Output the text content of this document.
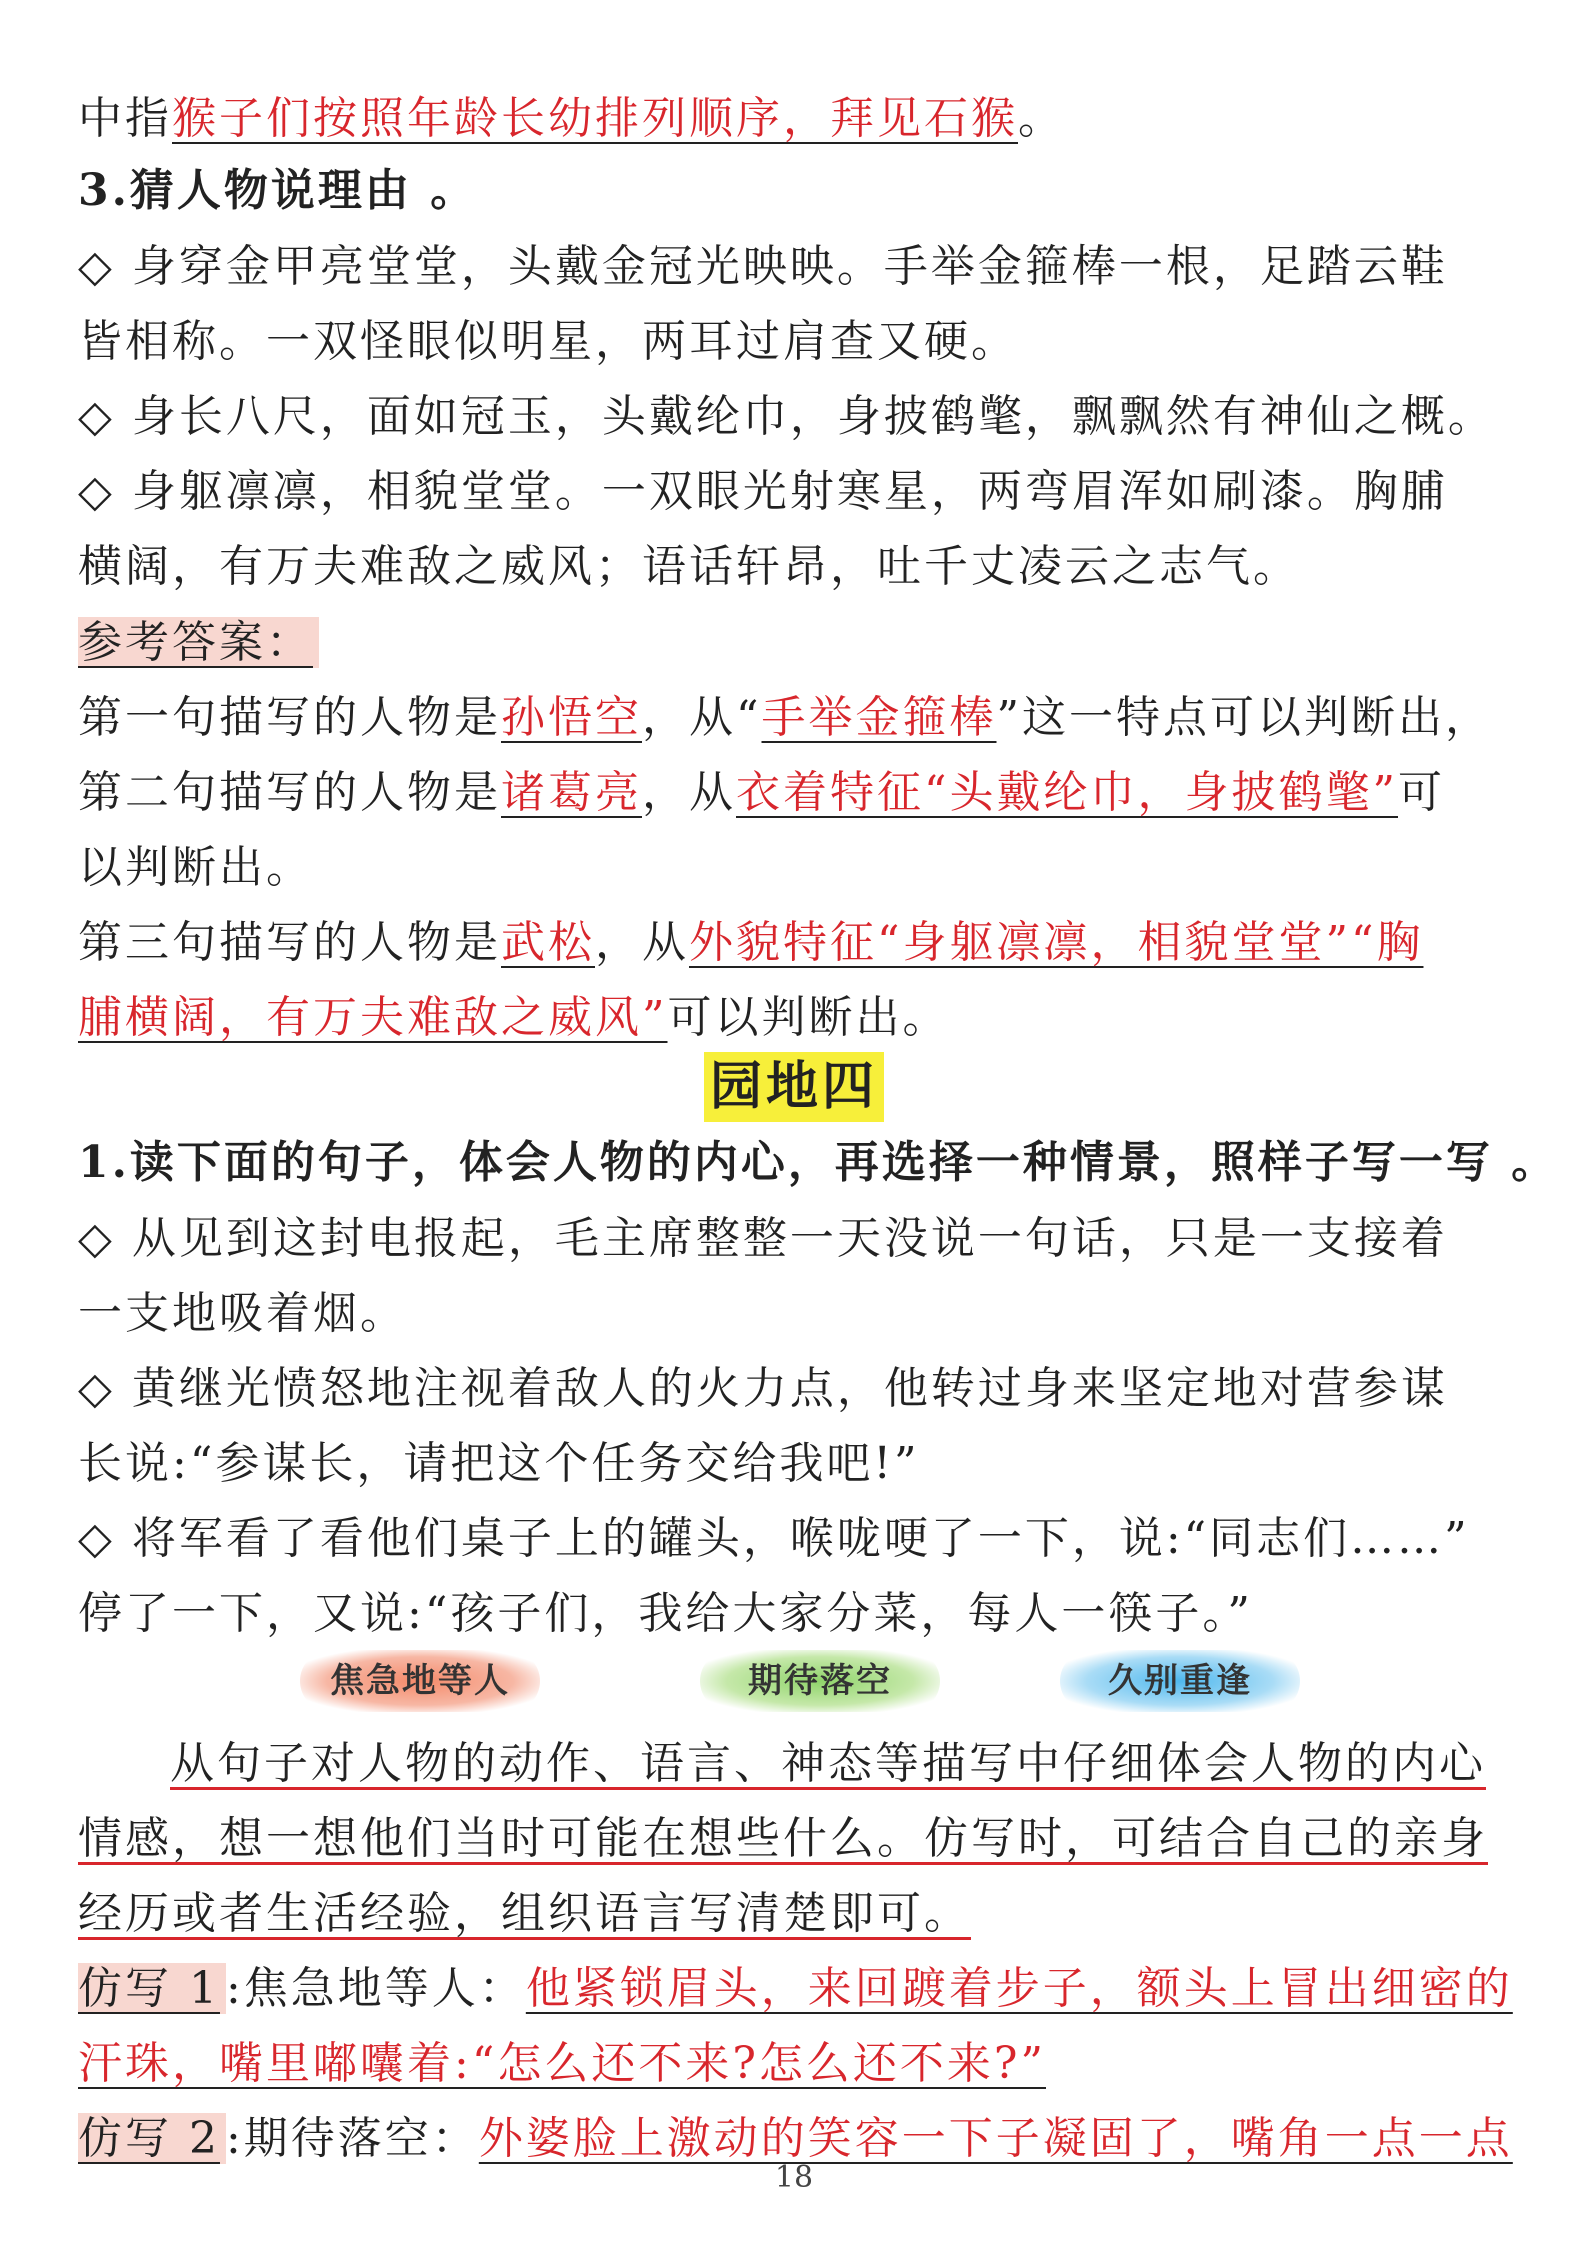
中指猴子们按照年龄长幼排列顺序，拜见石猴。
3.猜人物说理由 。
◇ 身穿金甲亮堂堂，头戴金冠光映映。手举金箍棒一根，足踏云鞋
皆相称。一双怪眼似明星，两耳过肩查又硬。
◇ 身长八尺，面如冠玉，头戴纶巾，身披鹤氅，飘飘然有神仙之概。
◇ 身躯凛凛，相貌堂堂。一双眼光射寒星，两弯眉浑如刷漆。胸脯
横阔，有万夫难敌之威风；语话轩昂，吐千丈凌云之志气。
参考答案：
第一句描写的人物是孙悟空，从“手举金箍棒”这一特点可以判断出，
第二句描写的人物是诸葛亮，从衣着特征“头戴纶巾，身披鹤氅”可
以判断出。
第三句描写的人物是武松，从外貌特征“身躯凛凛，相貌堂堂”“胸
脯横阔，有万夫难敌之威风”可以判断出。
园地四
1.读下面的句子，体会人物的内心，再选择一种情景，照样子写一写 。
◇ 从见到这封电报起，毛主席整整一天没说一句话，只是一支接着
一支地吸着烟。
◇ 黄继光愤怒地注视着敌人的火力点，他转过身来坚定地对营参谋
长说:“参谋长，请把这个任务交给我吧!”
◇ 将军看了看他们桌子上的罐头，喉咙哽了一下，说:“同志们……”
停了一下，又说:“孩子们，我给大家分菜，每人一筷子。”
焦急地等人	期待落空	久别重逢
从句子对人物的动作、语言、神态等描写中仔细体会人物的内心
情感，想一想他们当时可能在想些什么。仿写时，可结合自己的亲身
经历或者生活经验，组织语言写清楚即可。
仿写 1 :焦急地等人：他紧锁眉头，来回踱着步子，额头上冒出细密的
汗珠，嘴里嘟囔着:“怎么还不来?怎么还不来?”
仿写 2 :期待落空：外婆脸上激动的笑容一下子凝固了，嘴角一点一点
18
